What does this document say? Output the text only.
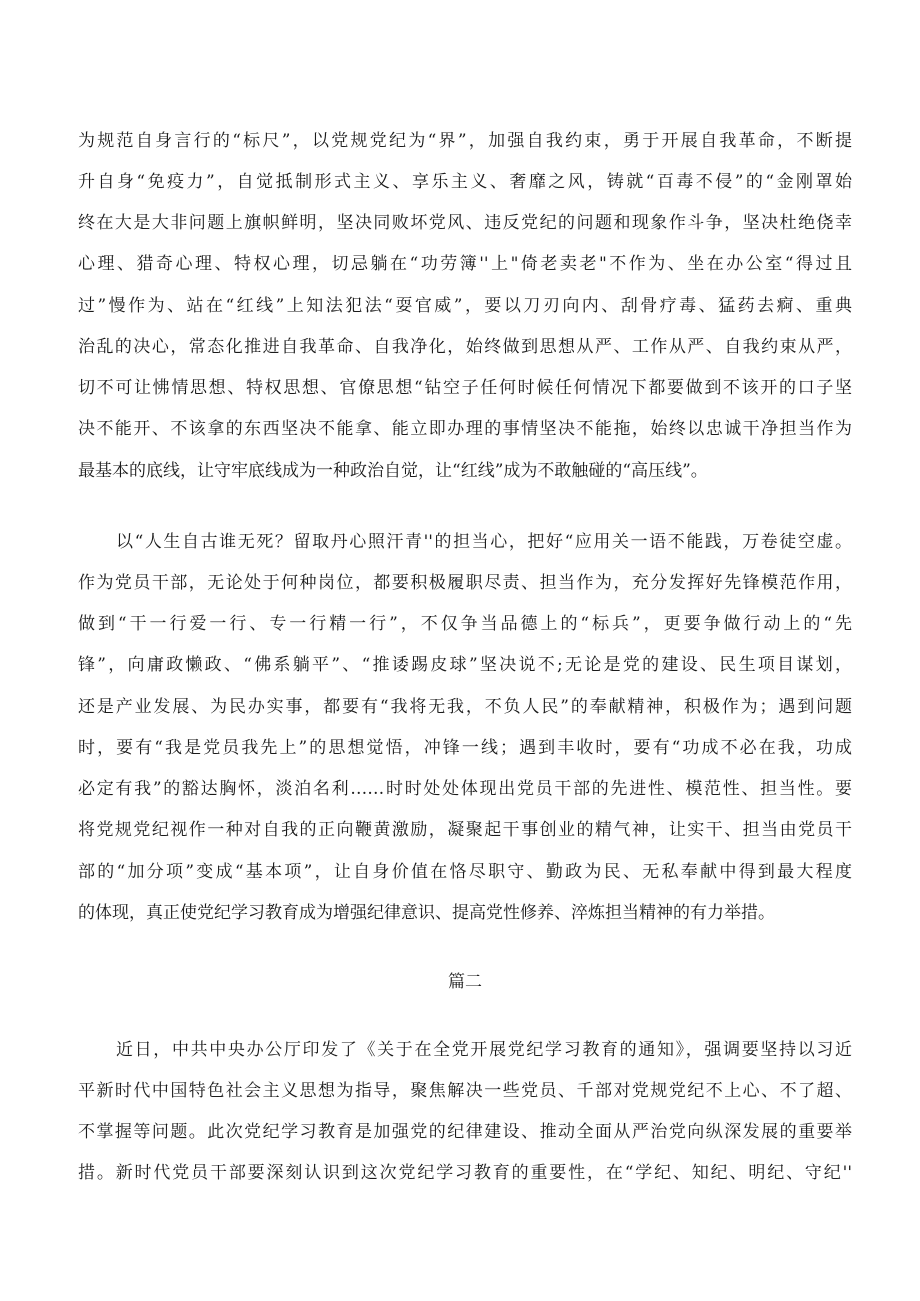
为规范自身言行的“标尺”，以党规党纪为“界”，加强自我约束，勇于开展自我革命，不断提
升自身“免疫力”，自觉抵制形式主义、享乐主义、奢靡之风，铸就“百毒不侵”的“金刚罩始
终在大是大非问题上旗帜鲜明，坚决同败坏党风、违反党纪的问题和现象作斗争，坚决杜绝侥幸
心理、猎奇心理、特权心理，切忌躺在“功劳簿''上"倚老卖老"不作为、坐在办公室“得过且
过”慢作为、站在“红线”上知法犯法“耍官威”，要以刀刃向内、刮骨疗毒、猛药去痾、重典
治乱的决心，常态化推进自我革命、自我净化，始终做到思想从严、工作从严、自我约束从严，
切不可让怫情思想、特权思想、官僚思想“钻空子任何时候任何情况下都要做到不该开的口子坚
决不能开、不该拿的东西坚决不能拿、能立即办理的事情坚决不能拖，始终以忠诚干净担当作为
最基本的底线，让守牢底线成为一种政治自觉，让“红线”成为不敢触碰的“高压线”。
以“人生自古谁无死？留取丹心照汗青''的担当心，把好“应用关一语不能践，万卷徒空虚。
作为党员干部，无论处于何种岗位，都要积极履职尽责、担当作为，充分发挥好先锋模范作用，
做到“干一行爱一行、专一行精一行”，不仅争当品德上的“标兵”，更要争做行动上的“先
锋”，向庸政懒政、“佛系躺平”、“推诿踢皮球”坚决说不;无论是党的建设、民生项目谋划，
还是产业发展、为民办实事，都要有“我将无我，不负人民”的奉献精神，积极作为；遇到问题
时，要有“我是党员我先上”的思想觉悟，冲锋一线；遇到丰收时，要有“功成不必在我，功成
必定有我”的豁达胸怀，淡泊名利……时时处处体现出党员干部的先进性、模范性、担当性。要
将党规党纪视作一种对自我的正向鞭黄激励，凝聚起干事创业的精气神，让实干、担当由党员干
部的“加分项”变成“基本项”，让自身价值在恪尽职守、勤政为民、无私奉献中得到最大程度
的体现，真正使党纪学习教育成为增强纪律意识、提高党性修养、淬炼担当精神的有力举措。
篇二
近日，中共中央办公厅印发了《关于在全党开展党纪学习教育的通知》，强调要坚持以习近
平新时代中国特色社会主义思想为指导，聚焦解决一些党员、千部对党规党纪不上心、不了超、
不掌握等问题。此次党纪学习教育是加强党的纪律建设、推动全面从严治党向纵深发展的重要举
措。新时代党员干部要深刻认识到这次党纪学习教育的重要性，在“学纪、知纪、明纪、守纪''
